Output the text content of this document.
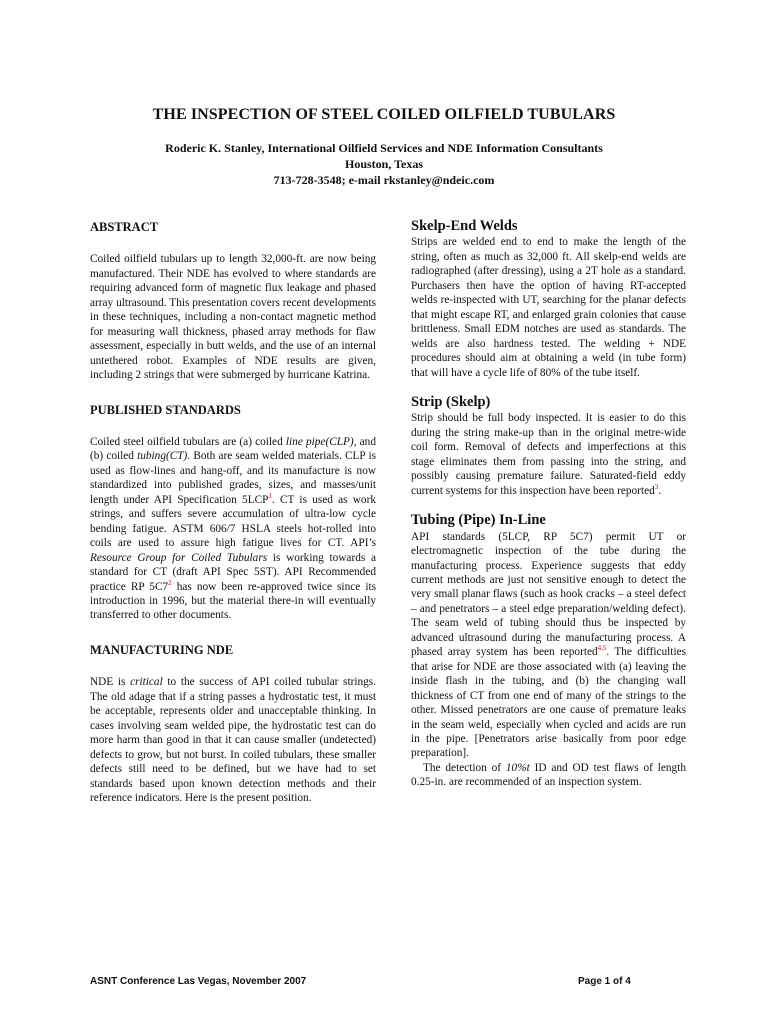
THE INSPECTION OF STEEL COILED OILFIELD TUBULARS
Roderic K. Stanley, International Oilfield Services and NDE Information Consultants
Houston, Texas
713-728-3548; e-mail rkstanley@ndeic.com
ABSTRACT

Coiled oilfield tubulars up to length 32,000-ft. are now being manufactured. Their NDE has evolved to where standards are requiring advanced form of magnetic flux leakage and phased array ultrasound. This presentation covers recent developments in these techniques, including a non-contact magnetic method for measuring wall thickness, phased array methods for flaw assessment, especially in butt welds, and the use of an internal untethered robot. Examples of NDE results are given, including 2 strings that were submerged by hurricane Katrina.

PUBLISHED STANDARDS

Coiled steel oilfield tubulars are (a) coiled line pipe(CLP), and (b) coiled tubing(CT). Both are seam welded materials. CLP is used as flow-lines and hang-off, and its manufacture is now standardized into published grades, sizes, and masses/unit length under API Specification 5LCP$^1$. CT is used as work strings, and suffers severe accumulation of ultra-low cycle bending fatigue. ASTM 606/7 HSLA steels hot-rolled into coils are used to assure high fatigue lives for CT. API’s Resource Group for Coiled Tubulars is working towards a standard for CT (draft API Spec 5ST). API Recommended practice RP 5C7$^2$ has now been re-approved twice since its introduction in 1996, but the material there-in will eventually transferred to other documents.

MANUFACTURING NDE

NDE is critical to the success of API coiled tubular strings. The old adage that if a string passes a hydrostatic test, it must be acceptable, represents older and unacceptable thinking. In cases involving seam welded pipe, the hydrostatic test can do more harm than good in that it can cause smaller (undetected) defects to grow, but not burst. In coiled tubulars, these smaller defects still need to be defined, but we have had to set standards based upon known detection methods and their reference indicators. Here is the present position.

Skelp-End Welds

Strips are welded end to end to make the length of the string, often as much as 32,000 ft. All skelp-end welds are radiographed (after dressing), using a 2T hole as a standard. Purchasers then have the option of having RT-accepted welds re-inspected with UT, searching for the planar defects that might escape RT, and enlarged grain colonies that cause brittleness. Small EDM notches are used as standards. The welds are also hardness tested. The welding + NDE procedures should aim at obtaining a weld (in tube form) that will have a cycle life of 80% of the tube itself.

Strip (Skelp)

Strip should be full body inspected. It is easier to do this during the string make-up than in the original metre-wide coil form. Removal of defects and imperfections at this stage eliminates them from passing into the string, and possibly causing premature failure. Saturated-field eddy current systems for this inspection have been reported$^3$.

Tubing (Pipe) In-Line

API standards (5LCP, RP 5C7) permit UT or electromagnetic inspection of the tube during the manufacturing process. Experience suggests that eddy current methods are just not sensitive enough to detect the very small planar flaws (such as hook cracks – a steel defect – and penetrators – a steel edge preparation/welding defect). The seam weld of tubing should thus be inspected by advanced ultrasound during the manufacturing process. A phased array system has been reported$^{4,5}$. The difficulties that arise for NDE are those associated with (a) leaving the inside flash in the tubing, and (b) the changing wall thickness of CT from one end of many of the strings to the other. Missed penetrators are one cause of premature leaks in the seam weld, especially when cycled and acids are run in the pipe. [Penetrators arise basically from poor edge preparation].

The detection of 10%t ID and OD test flaws of length 0.25-in. are recommended of an inspection system.

ASNT Conference Las Vegas, November 2007	Page 1 of 4
